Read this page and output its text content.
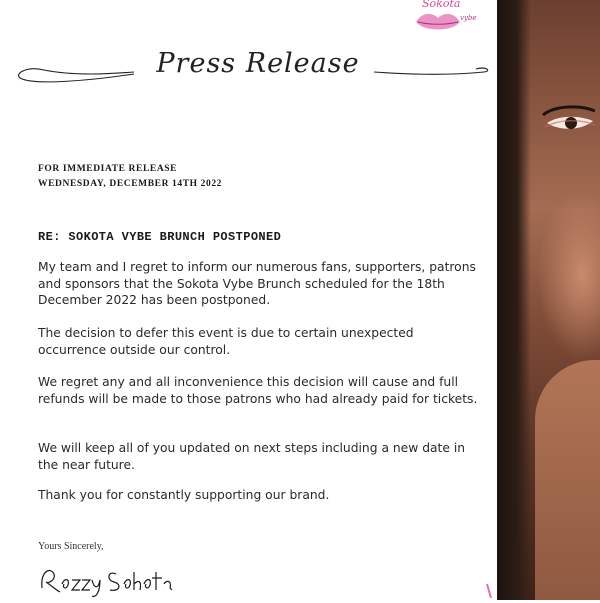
Sokota
vybe
Press Release
FOR IMMEDIATE RELEASE
WEDNESDAY, DECEMBER 14TH 2022
RE: SOKOTA VYBE BRUNCH POSTPONED

My team and I regret to inform our numerous fans, supporters, patrons and sponsors that the Sokota Vybe Brunch scheduled for the 18th December 2022 has been postponed.

The decision to defer this event is due to certain unexpected occurrence outside our control.

We regret any and all inconvenience this decision will cause and full refunds will be made to those patrons who had already paid for tickets.

We will keep all of you updated on next steps including a new date in the near future.

Thank you for constantly supporting our brand.

Yours Sincerely,
